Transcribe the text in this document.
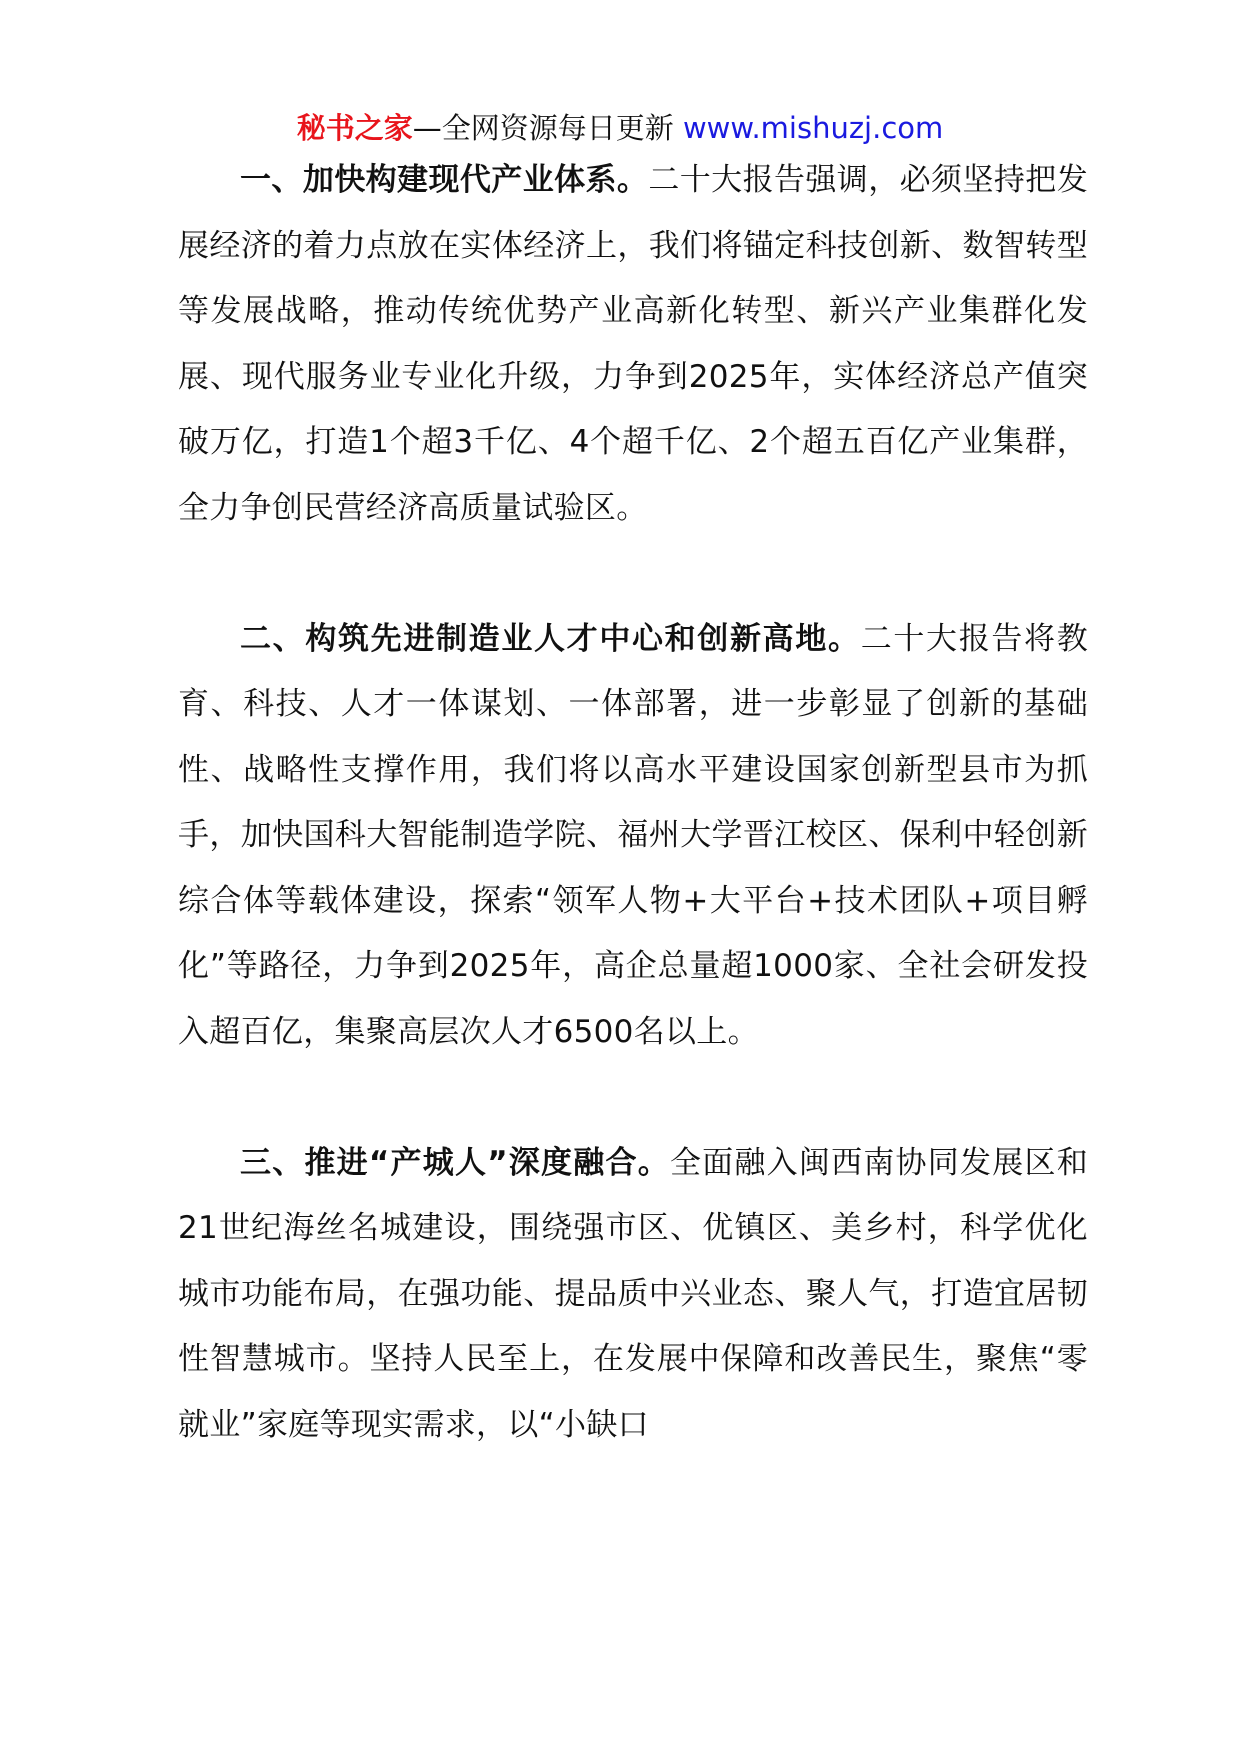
秘书之家—全网资源每日更新 www.mishuzj.com

一、加快构建现代产业体系。二十大报告强调，必须坚持把发展经济的着力点放在实体经济上，我们将锚定科技创新、数智转型等发展战略，推动传统优势产业高新化转型、新兴产业集群化发展、现代服务业专业化升级，力争到2025年，实体经济总产值突破万亿，打造1个超3千亿、4个超千亿、2个超五百亿产业集群，全力争创民营经济高质量试验区。

二、构筑先进制造业人才中心和创新高地。二十大报告将教育、科技、人才一体谋划、一体部署，进一步彰显了创新的基础性、战略性支撑作用，我们将以高水平建设国家创新型县市为抓手，加快国科大智能制造学院、福州大学晋江校区、保利中轻创新综合体等载体建设，探索“领军人物+大平台+技术团队+项目孵化”等路径，力争到2025年，高企总量超1000家、全社会研发投入超百亿，集聚高层次人才6500名以上。

三、推进“产城人”深度融合。全面融入闽西南协同发展区和21世纪海丝名城建设，围绕强市区、优镇区、美乡村，科学优化城市功能布局，在强功能、提品质中兴业态、聚人气，打造宜居韧性智慧城市。坚持人民至上，在发展中保障和改善民生，聚焦“零就业”家庭等现实需求，以“小缺口
